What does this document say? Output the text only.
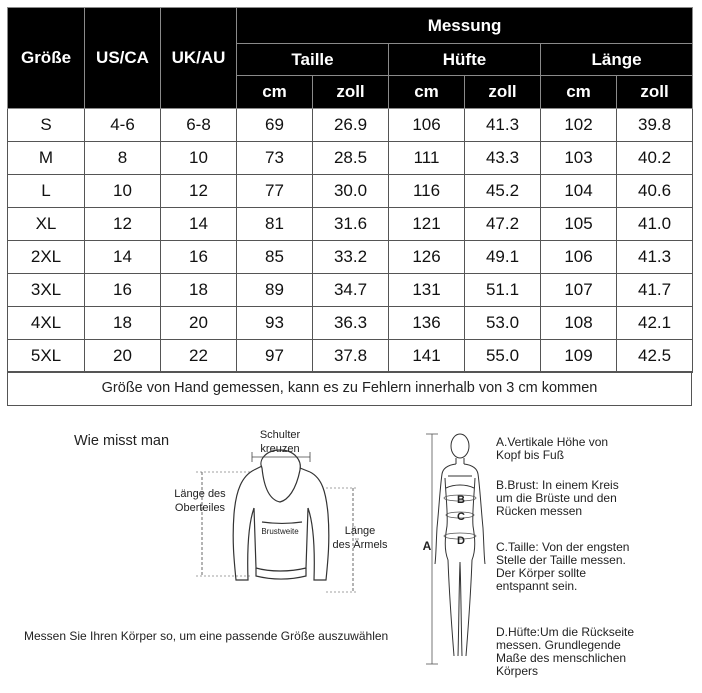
Größe	US/CA	UK/AU	Messung					
			Taille		Hüfte		Länge	
			cm	zoll	cm	zoll	cm	zoll
S	4-6	6-8	69	26.9	106	41.3	102	39.8
M	8	10	73	28.5	111	43.3	103	40.2
L	10	12	77	30.0	116	45.2	104	40.6
XL	12	14	81	31.6	121	47.2	105	41.0
2XL	14	16	85	33.2	126	49.1	106	41.3
3XL	16	18	89	34.7	131	51.1	107	41.7
4XL	18	20	93	36.3	136	53.0	108	42.1
5XL	20	22	97	37.8	141	55.0	109	42.5
Größe von Hand gemessen, kann es zu Fehlern innerhalb von 3 cm kommen
Wie misst man	Schulter
kreuzen
Brustweite
Länge des
Oberteiles
Länge
des Ärmels
Messen Sie Ihren Körper so, um eine passende Größe auszuwählen
A
B
C
D
A.Vertikale Höhe von
Kopf bis Fuß
B.Brust: In einem Kreis
um die Brüste und den
Rücken messen
C.Taille: Von der engsten
Stelle der Taille messen.
Der Körper sollte
entspannt sein.
D.Hüfte:Um die Rückseite
messen. Grundlegende
Maße des menschlichen
Körpers
